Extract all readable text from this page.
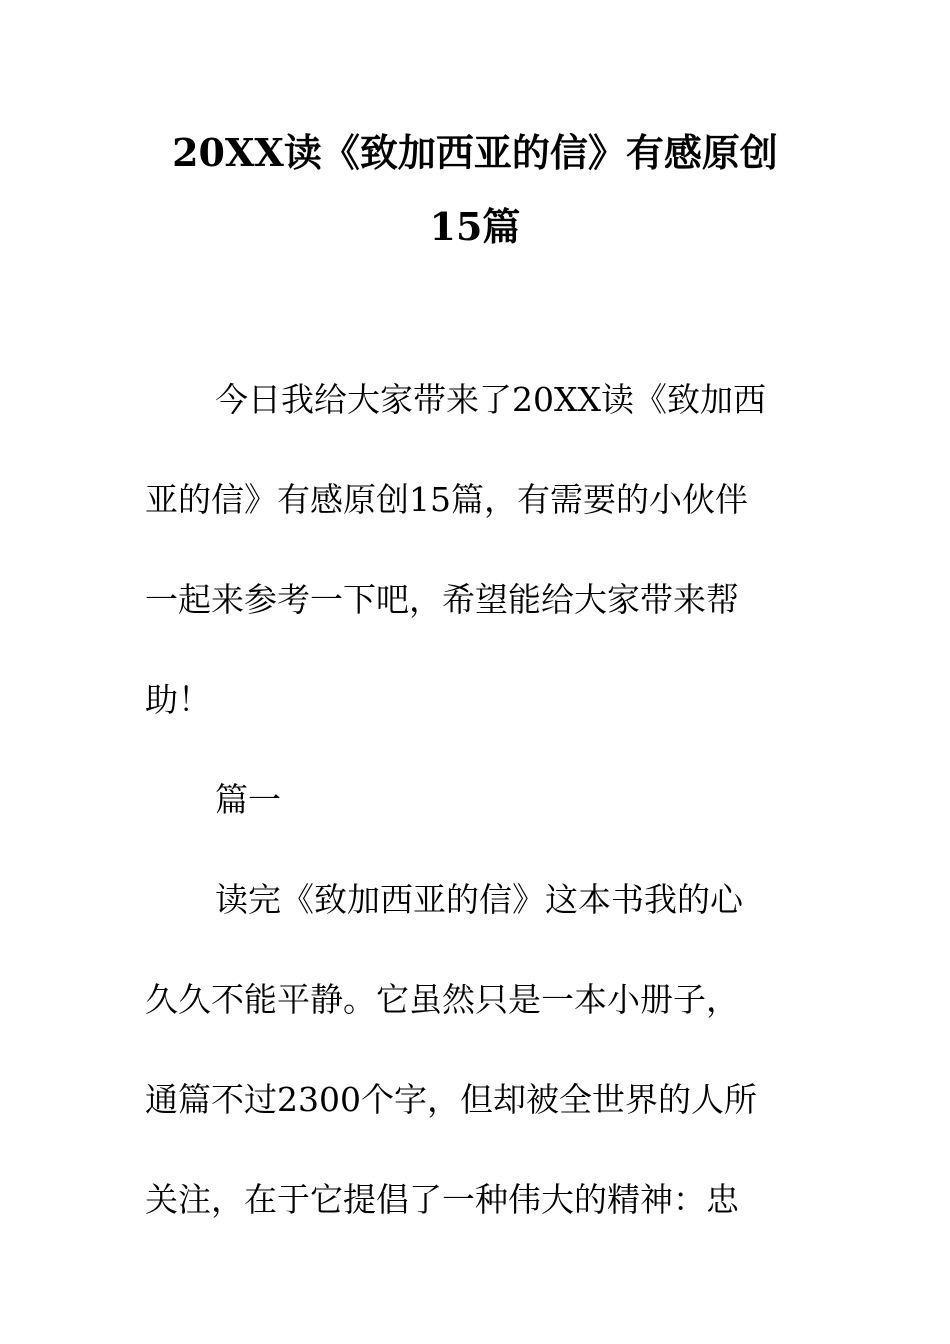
20XX读《致加西亚的信》有感原创
15篇
今日我给大家带来了20XX读《致加西
亚的信》有感原创15篇，有需要的小伙伴
一起来参考一下吧，希望能给大家带来帮
助！
篇一
读完《致加西亚的信》这本书我的心
久久不能平静。它虽然只是一本小册子，
通篇不过2300个字，但却被全世界的人所
关注，在于它提倡了一种伟大的精神：忠
